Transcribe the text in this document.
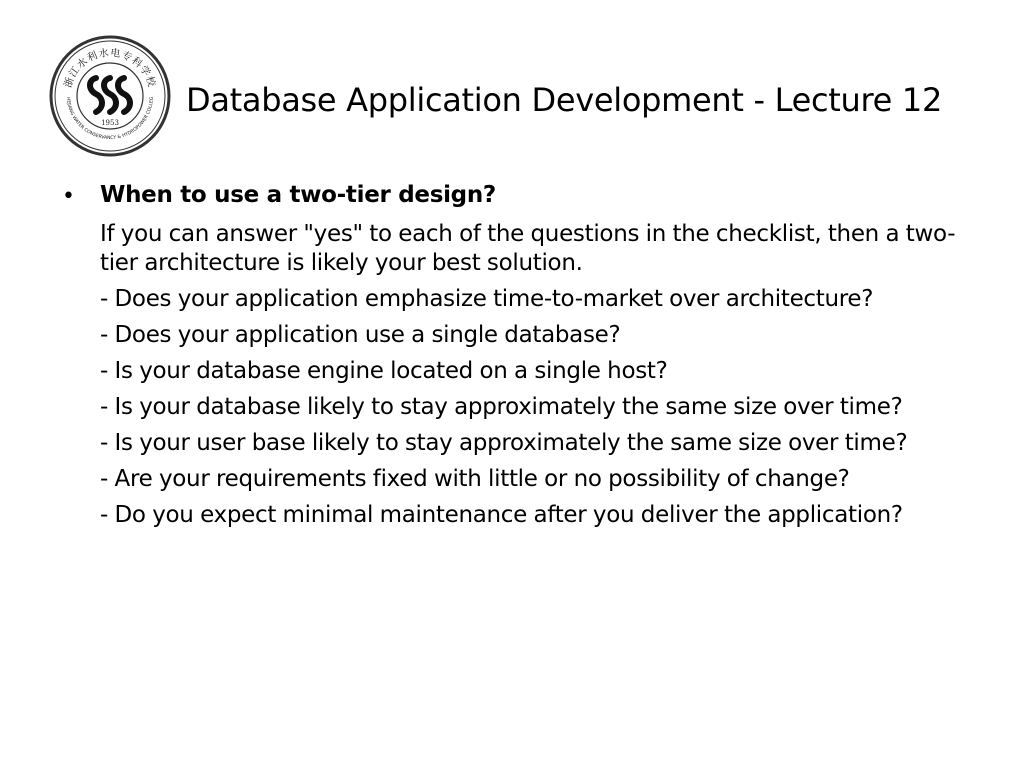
浙江水利水电专科学校
HEJIANG WATER CONSERVANCY & HYDROPOWER COLLEG
1953
Database Application Development - Lecture 12
• When to use a two-tier design?
If you can answer "yes" to each of the questions in the checklist, then a two-tier architecture is likely your best solution.
- Does your application emphasize time-to-market over architecture?
- Does your application use a single database?
- Is your database engine located on a single host?
- Is your database likely to stay approximately the same size over time?
- Is your user base likely to stay approximately the same size over time?
- Are your requirements fixed with little or no possibility of change?
- Do you expect minimal maintenance after you deliver the application?
